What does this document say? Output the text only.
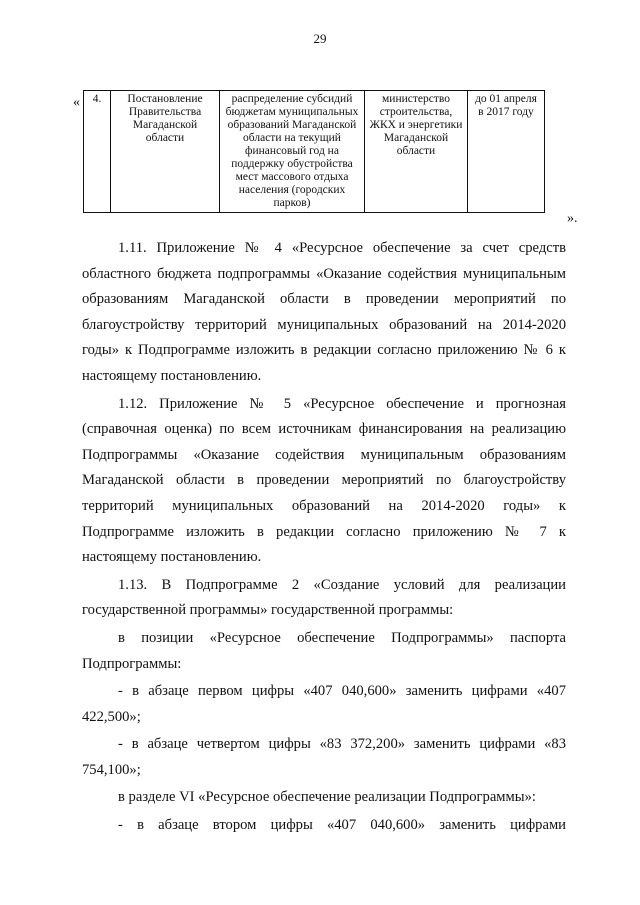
29
« 4.	Постановление Правительства Магаданской области	распределение субсидий бюджетам муниципальных образований Магаданской области на текущий финансовый год на поддержку обустройства мест массового отдыха населения (городских парков)	министерство строительства, ЖКХ и энергетики Магаданской области	до 01 апреля в 2017 году
».

1.11. Приложение № 4 «Ресурсное обеспечение за счет средств областного бюджета подпрограммы «Оказание содействия муниципальным образованиям Магаданской области в проведении мероприятий по благоустройству территорий муниципальных образований на 2014-2020 годы» к Подпрограмме изложить в редакции согласно приложению № 6 к настоящему постановлению.

1.12. Приложение № 5 «Ресурсное обеспечение и прогнозная (справочная оценка) по всем источникам финансирования на реализацию Подпрограммы «Оказание содействия муниципальным образованиям Магаданской области в проведении мероприятий по благоустройству территорий муниципальных образований на 2014-2020 годы» к Подпрограмме изложить в редакции согласно приложению № 7 к настоящему постановлению.

1.13. В Подпрограмме 2 «Создание условий для реализации государственной программы» государственной программы:

в позиции «Ресурсное обеспечение Подпрограммы» паспорта Подпрограммы:

- в абзаце первом цифры «407 040,600» заменить цифрами «407 422,500»;

- в абзаце четвертом цифры «83 372,200» заменить цифрами «83 754,100»;

в разделе VI «Ресурсное обеспечение реализации Подпрограммы»:

- в абзаце втором цифры «407 040,600» заменить цифрами
